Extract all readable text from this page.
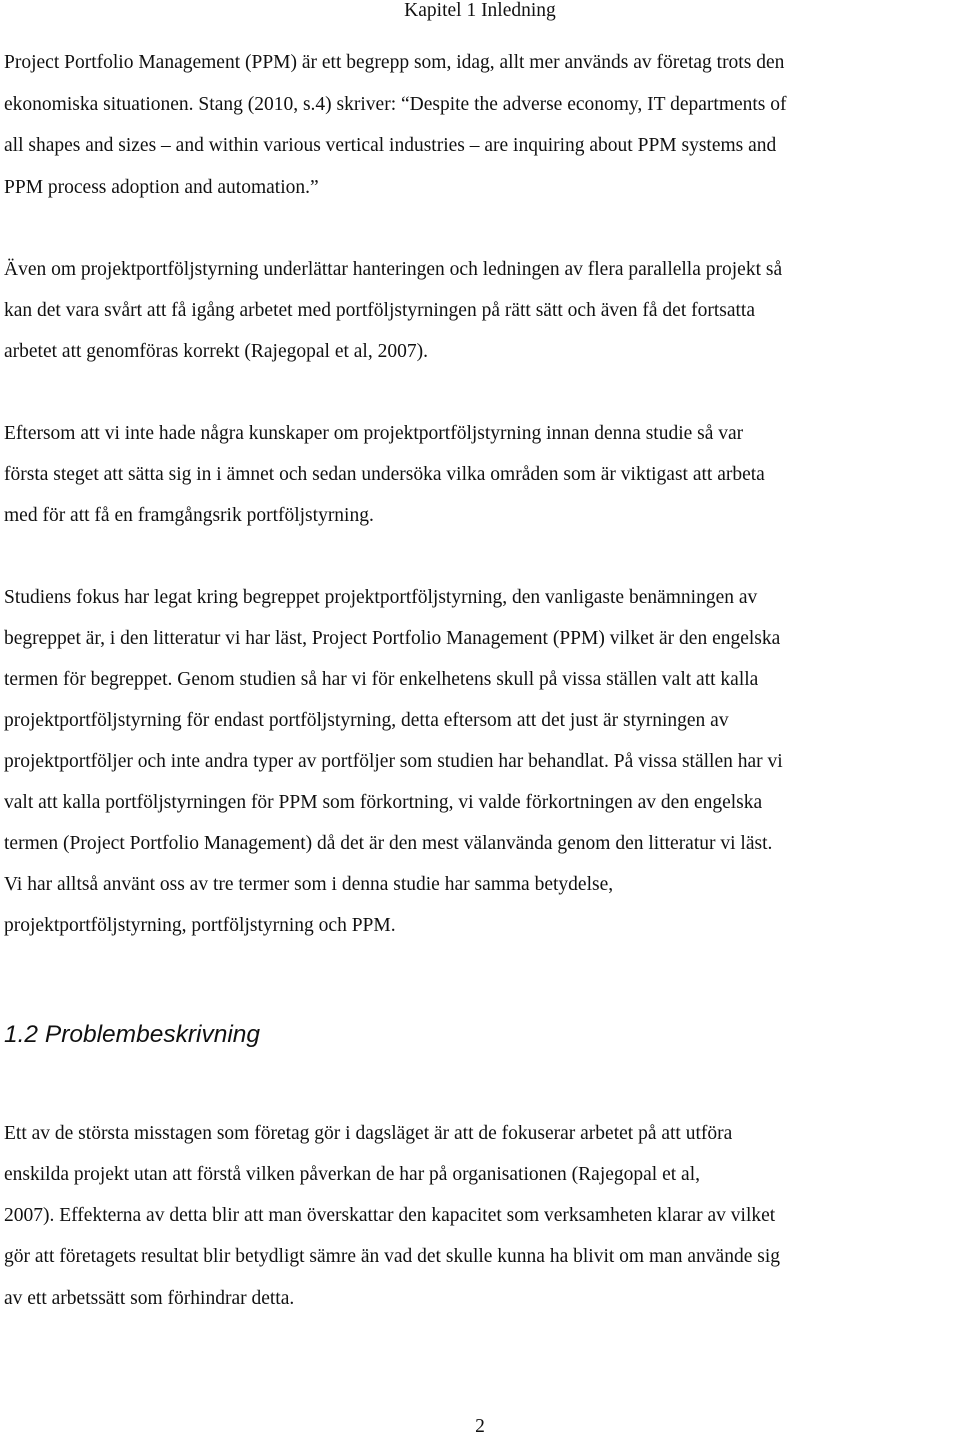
Kapitel 1 Inledning
Project Portfolio Management (PPM) är ett begrepp som, idag, allt mer används av företag trots den
ekonomiska situationen. Stang (2010, s.4) skriver: “Despite the adverse economy, IT departments of
all shapes and sizes – and within various vertical industries – are inquiring about PPM systems and
PPM process adoption and automation.”
Även om projektportföljstyrning underlättar hanteringen och ledningen av flera parallella projekt så
kan det vara svårt att få igång arbetet med portföljstyrningen på rätt sätt och även få det fortsatta
arbetet att genomföras korrekt (Rajegopal et al, 2007).
Eftersom att vi inte hade några kunskaper om projektportföljstyrning innan denna studie så var
första steget att sätta sig in i ämnet och sedan undersöka vilka områden som är viktigast att arbeta
med för att få en framgångsrik portföljstyrning.
Studiens fokus har legat kring begreppet projektportföljstyrning, den vanligaste benämningen av
begreppet är, i den litteratur vi har läst, Project Portfolio Management (PPM) vilket är den engelska
termen för begreppet. Genom studien så har vi för enkelhetens skull på vissa ställen valt att kalla
projektportföljstyrning för endast portföljstyrning, detta eftersom att det just är styrningen av
projektportföljer och inte andra typer av portföljer som studien har behandlat. På vissa ställen har vi
valt att kalla portföljstyrningen för PPM som förkortning, vi valde förkortningen av den engelska
termen (Project Portfolio Management) då det är den mest välanvända genom den litteratur vi läst.
Vi har alltså använt oss av tre termer som i denna studie har samma betydelse,
projektportföljstyrning, portföljstyrning och PPM.
1.2 Problembeskrivning
Ett av de största misstagen som företag gör i dagsläget är att de fokuserar arbetet på att utföra
enskilda projekt utan att förstå vilken påverkan de har på organisationen (Rajegopal et al,
2007). Effekterna av detta blir att man överskattar den kapacitet som verksamheten klarar av vilket
gör att företagets resultat blir betydligt sämre än vad det skulle kunna ha blivit om man använde sig
av ett arbetssätt som förhindrar detta.
2
